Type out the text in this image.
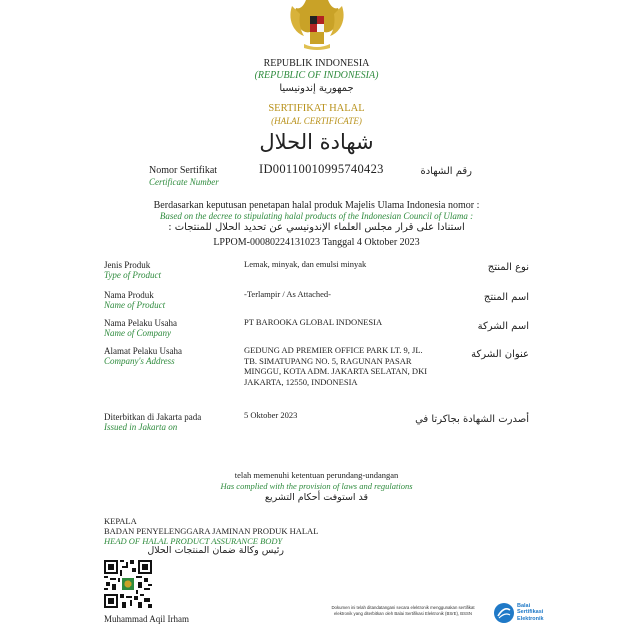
REPUBLIK INDONESIA
(REPUBLIC OF INDONESIA)
جمهورية إندونيسيا
SERTIFIKAT HALAL
(HALAL CERTIFICATE)
شهادة الحلال
Nomor Sertifikat
Certificate Number
ID00110010995740423	رقم الشهادة
Berdasarkan keputusan penetapan halal produk Majelis Ulama Indonesia nomor :
Based on the decree to stipulating halal products of the Indonesian Council of Ulama :
استنادا على قرار مجلس العلماء الإندونيسي عن تحديد الحلال للمنتجات :
LPPOM-00080224131023 Tanggal 4 Oktober 2023
Jenis Produk
Type of Product
Lemak, minyak, dan emulsi minyak	نوع المنتج
Nama Produk
Name of Product
-Terlampir / As Attached-	اسم المنتج
Nama Pelaku Usaha
Name of Company
PT BAROOKA GLOBAL INDONESIA	اسم الشركة
Alamat Pelaku Usaha
Company's Address
GEDUNG AD PREMIER OFFICE PARK LT. 9, JL.
TB. SIMATUPANG NO. 5, RAGUNAN PASAR
MINGGU, KOTA ADM. JAKARTA SELATAN, DKI
JAKARTA, 12550, INDONESIA
عنوان الشركة
Diterbitkan di Jakarta pada
Issued in Jakarta on
5 Oktober 2023	أصدرت الشهادة بجاكرتا في
telah memenuhi ketentuan perundang-undangan
Has complied with the provision of laws and regulations
قد استوفت أحكام التشريع
KEPALA
BADAN PENYELENGGARA JAMINAN PRODUK HALAL
HEAD OF HALAL PRODUCT ASSURANCE BODY
رئيس وكالة ضمان المنتجات الحلال
Muhammad Aqil Irham
Dokumen ini telah ditandatangani secara elektronik menggunakan sertifikat
elektronik yang diterbitkan oleh Balai Sertifikasi Elektronik (BSrE), BSSN
Balai
Sertifikasi
Elektronik
